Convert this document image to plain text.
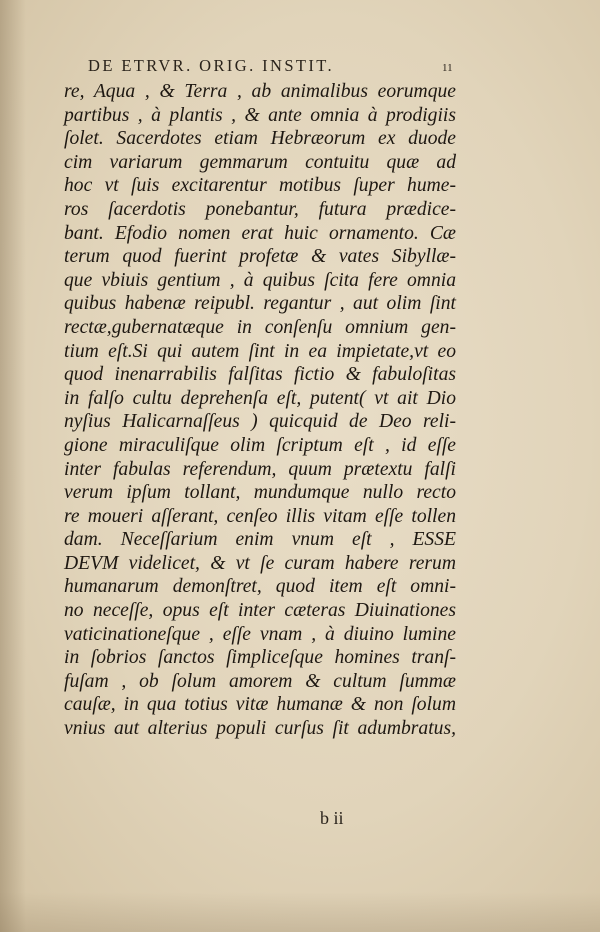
DE ETRVR. ORIG. INSTIT.	11
re, Aqua , & Terra , ab animalibus eorumque
partibus , à plantis , & ante omnia à prodigiis
ſolet. Sacerdotes etiam Hebræorum ex duode
cim variarum gemmarum contuitu quæ ad
hoc vt ſuis excitarentur motibus ſuper hume-
ros ſacerdotis ponebantur, futura prædice-
bant. Efodio nomen erat huic ornamento. Cæ
terum quod fuerint profetæ & vates Sibyllæ-
que vbiuis gentium , à quibus ſcita fere omnia
quibus habenæ reipubl. regantur , aut olim ſint
rectæ,gubernatæque in conſenſu omnium gen-
tium eſt.Si qui autem ſint in ea impietate,vt eo
quod inenarrabilis falſitas fictio & fabuloſitas
in falſo cultu deprehenſa eſt, putent( vt ait Dio
nyſius Halicarnaſſeus ) quicquid de Deo reli-
gione miraculiſque olim ſcriptum eſt , id eſſe
inter fabulas referendum, quum prætextu falſi
verum ipſum tollant, mundumque nullo recto
re moueri aſſerant, cenſeo illis vitam eſſe tollen
dam. Neceſſarium enim vnum eſt , ESSE
DEVM videlicet, & vt ſe curam habere rerum
humanarum demonſtret, quod item eſt omni-
no neceſſe, opus eſt inter cæteras Diuinationes
vaticinationeſque , eſſe vnam , à diuino lumine
in ſobrios ſanctos ſimpliceſque homines tranſ-
fuſam , ob ſolum amorem & cultum ſummæ
cauſæ, in qua totius vitæ humanæ & non ſolum
vnius aut alterius populi curſus ſit adumbratus,
b ii
